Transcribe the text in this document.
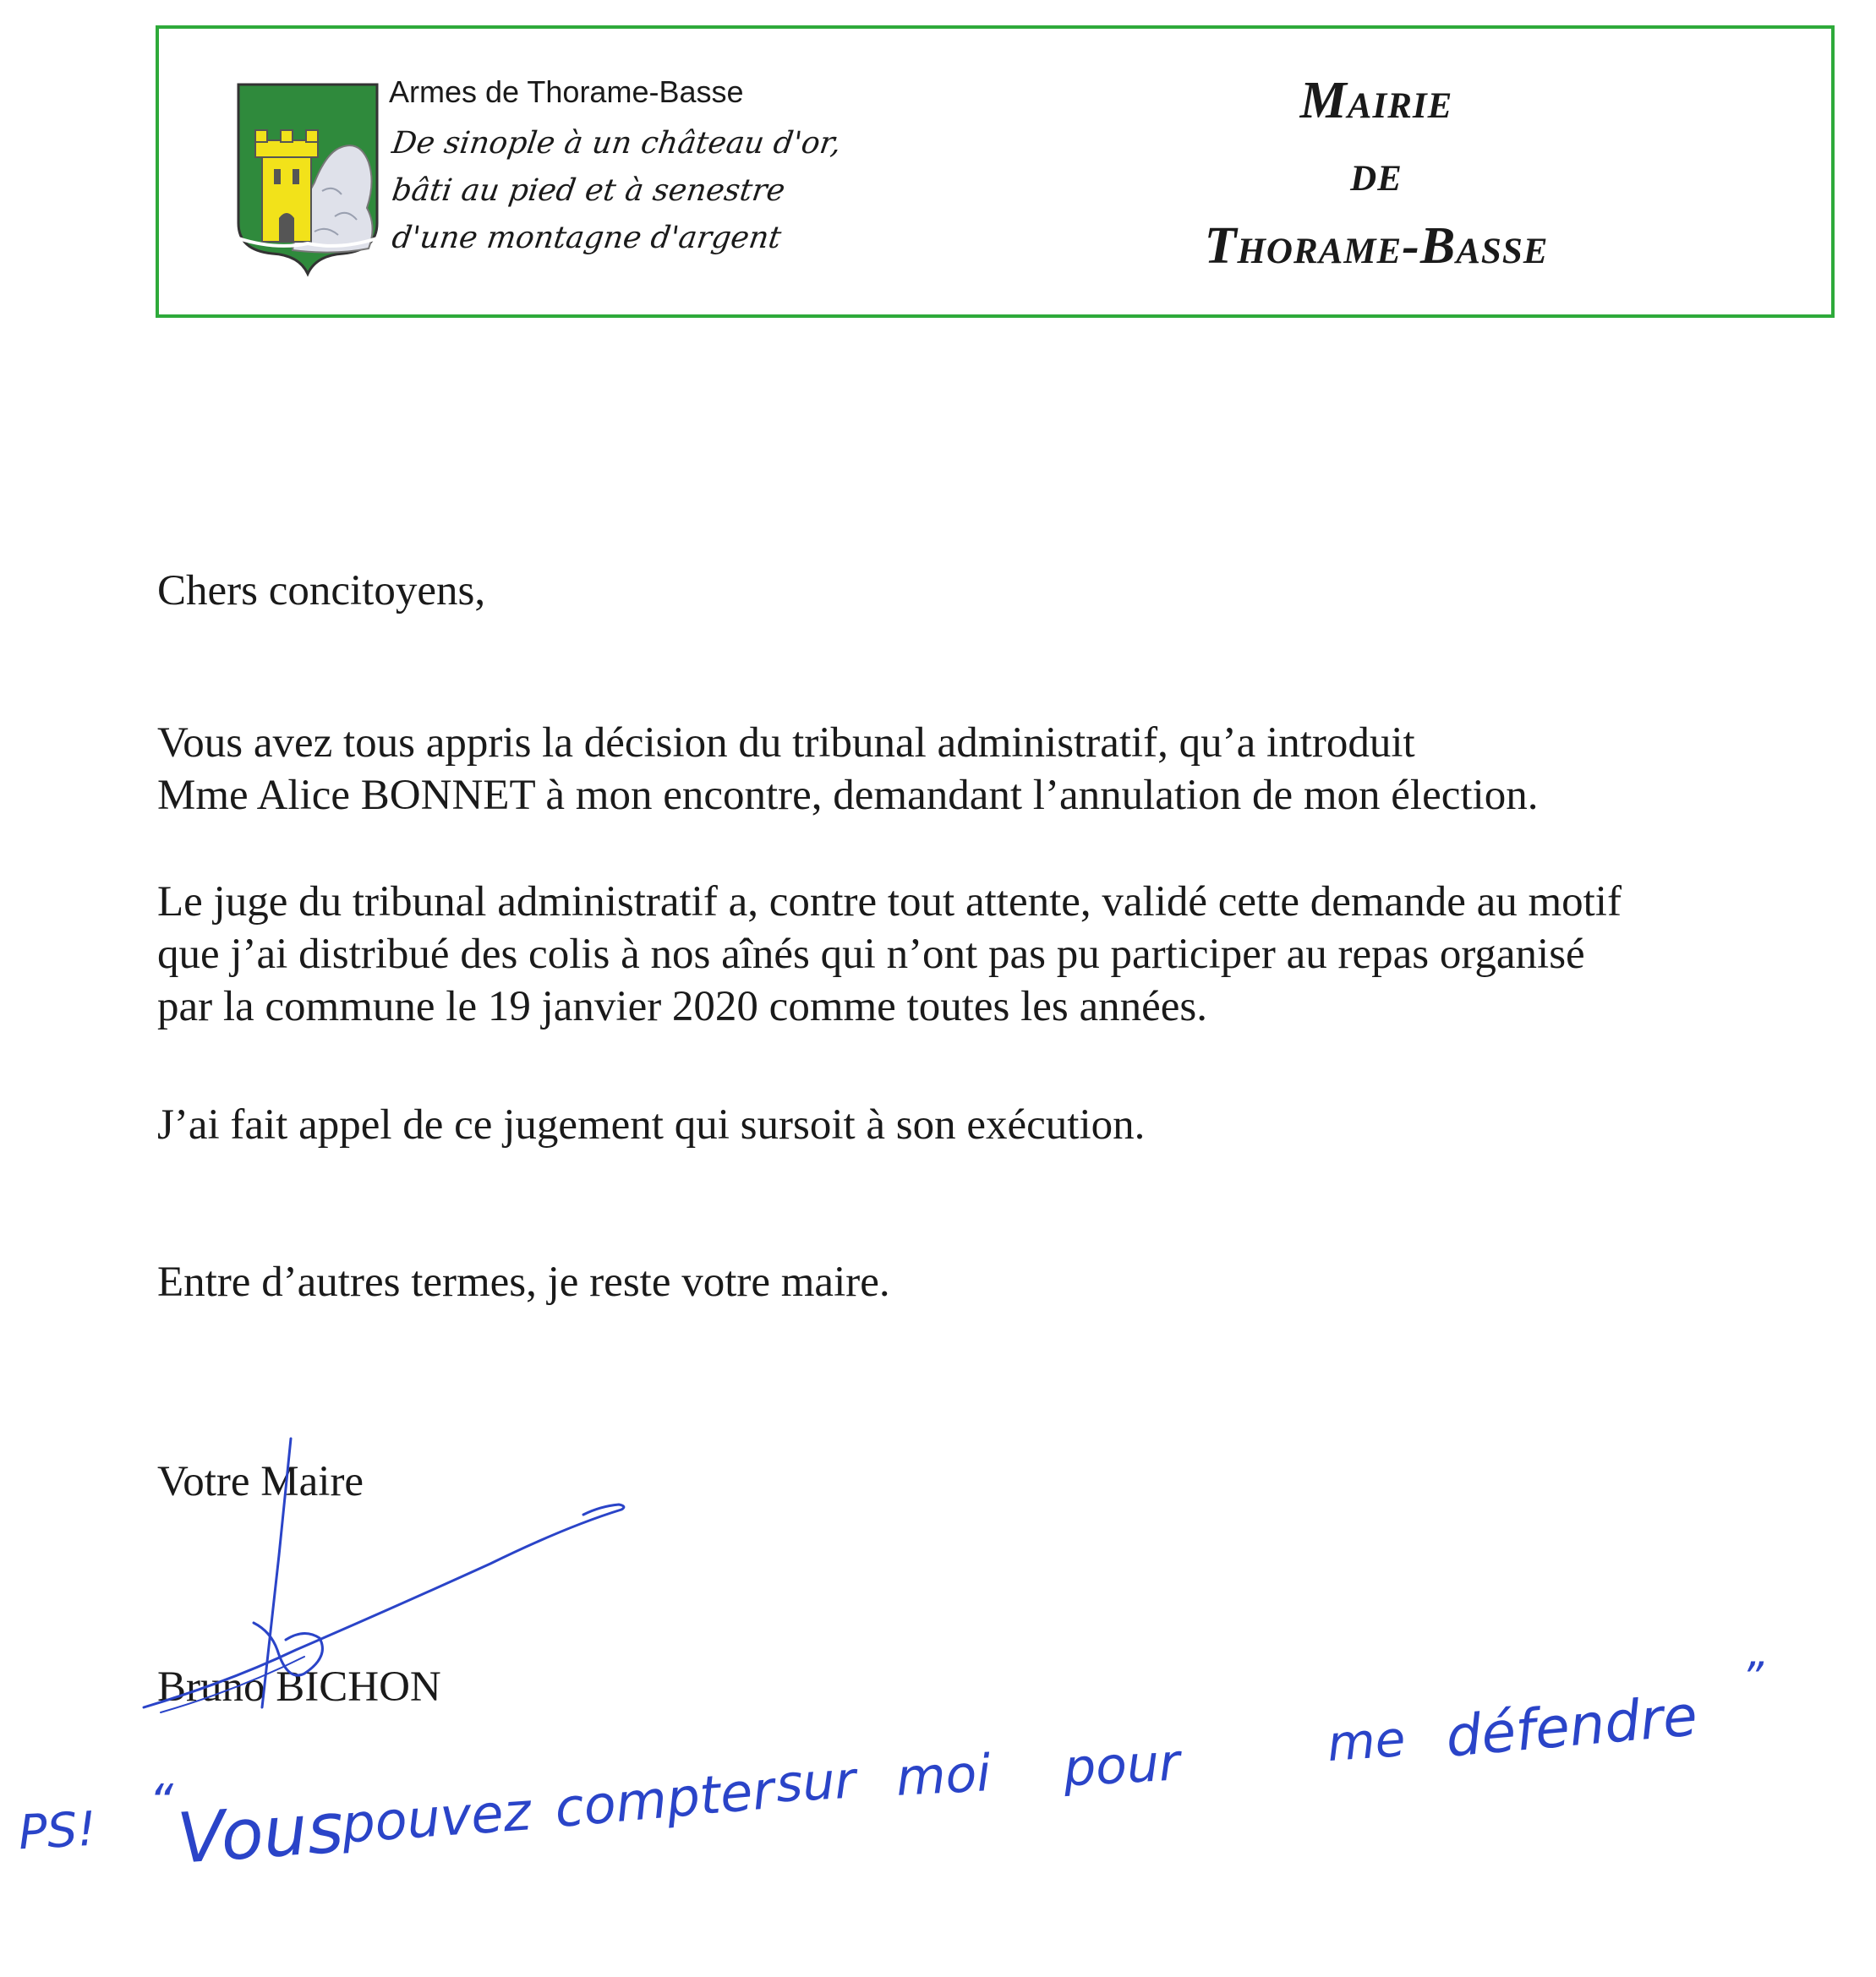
Armes de Thorame-Basse
De sinople à un château d'or,
bâti au pied et à senestre
d'une montagne d'argent
Mairie
de
Thorame-Basse
Chers concitoyens,
Vous avez tous appris la décision du tribunal administratif, qu’a introduit
Mme Alice BONNET à mon encontre, demandant l’annulation de mon élection.
Le juge du tribunal administratif a, contre tout attente, validé cette demande au motif
que j’ai distribué des colis à nos aînés qui n’ont pas pu participer au repas organisé
par la commune le 19 janvier 2020 comme toutes les années.
J’ai fait appel de ce jugement qui sursoit à son exécution.
Entre d’autres termes, je reste votre maire.
Votre Maire
Bruno BICHON
PS! “ Vous
pouvez compter
sur moi pour	me défendre
”
